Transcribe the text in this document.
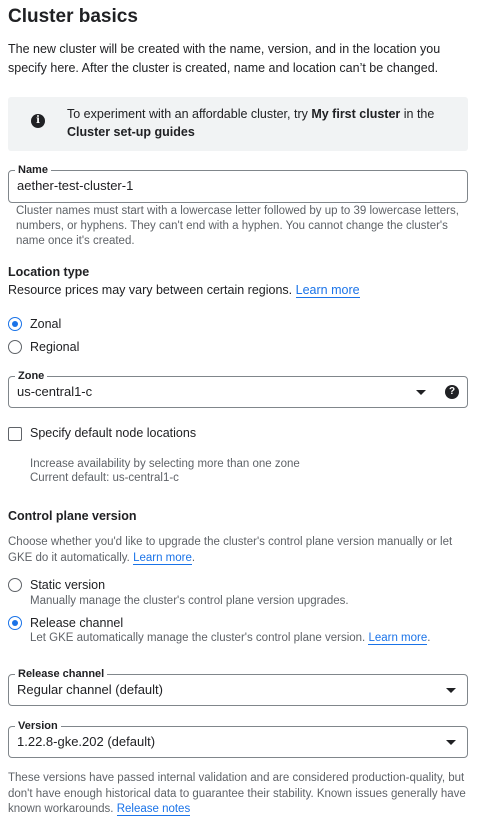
Cluster basics
The new cluster will be created with the name, version, and in the location you specify here. After the cluster is created, name and location can’t be changed.
i	To experiment with an affordable cluster, try My first cluster in the Cluster set-up guides
Name
aether-test-cluster-1
Cluster names must start with a lowercase letter followed by up to 39 lowercase letters, numbers, or hyphens. They can't end with a hyphen. You cannot change the cluster's name once it's created.
Location type
Resource prices may vary between certain regions. Learn more
Zonal
Regional
Zone
us-central1-c	?
Specify default node locations
Increase availability by selecting more than one zone
Current default: us-central1-c
Control plane version
Choose whether you'd like to upgrade the cluster's control plane version manually or let GKE do it automatically. Learn more.
Static version
Manually manage the cluster's control plane version upgrades.
Release channel
Let GKE automatically manage the cluster's control plane version. Learn more.
Release channel
Regular channel (default)
Version
1.22.8-gke.202 (default)
These versions have passed internal validation and are considered production-quality, but don't have enough historical data to guarantee their stability. Known issues generally have known workarounds. Release notes
